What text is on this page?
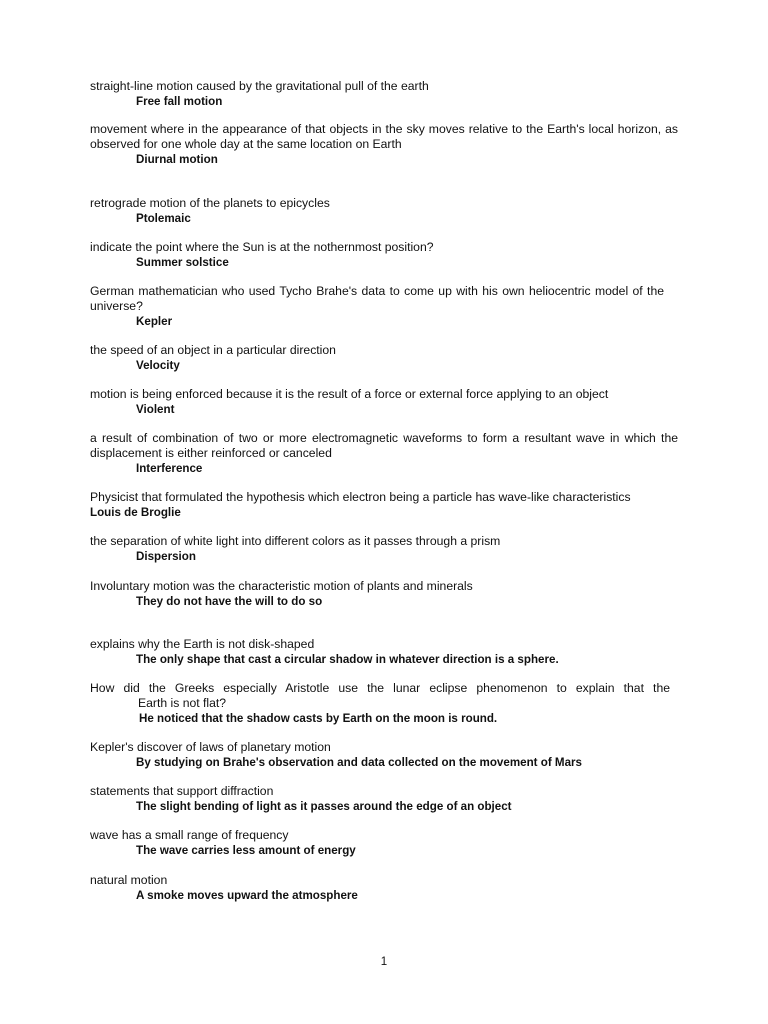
straight-line motion caused by the gravitational pull of the earth

Free fall motion

movement where in the appearance of that objects in the sky moves relative to the Earth's local horizon, as observed for one whole day at the same location on Earth

Diurnal motion

retrograde motion of the planets to epicycles

Ptolemaic

indicate the point where the Sun is at the nothernmost position?

Summer solstice

German mathematician who used Tycho Brahe's data to come up with his own heliocentric model of the universe?

Kepler

the speed of an object in a particular direction

Velocity

motion is being enforced because it is the result of a force or external force applying to an object

Violent

a result of combination of two or more electromagnetic waveforms to form a resultant wave in which the displacement is either reinforced or canceled

Interference

Physicist that formulated the hypothesis which electron being a particle has wave-like characteristics

Louis de Broglie

the separation of white light into different colors as it passes through a prism

Dispersion

Involuntary motion was the characteristic motion of plants and minerals

They do not have the will to do so

explains why the Earth is not disk-shaped

The only shape that cast a circular shadow in whatever direction is a sphere.

How did the Greeks especially Aristotle use the lunar eclipse phenomenon to explain that the

Earth is not flat?

He noticed that the shadow casts by Earth on the moon is round.

Kepler's discover of laws of planetary motion

By studying on Brahe's observation and data collected on the movement of Mars

statements that support diffraction

The slight bending of light as it passes around the edge of an object

wave has a small range of frequency

The wave carries less amount of energy

natural motion

A smoke moves upward the atmosphere

1
